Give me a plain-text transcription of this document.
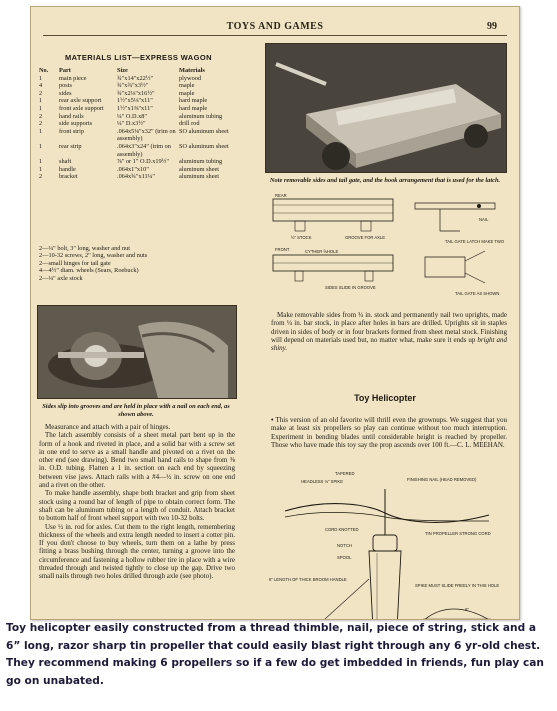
TOYS AND GAMES	99
MATERIALS LIST—EXPRESS WAGON
No.	Part	Size	Materials
1	main piece	¾"x14"x22½"	plywood
4	posts	¾"x¾"x3½"	maple
2	sides	¾"x2⅛"x16½"	maple
1	rear axle support	1½"x5⅛"x11"	hard maple
1	front axle support	1½"x1⅜"x11"	hard maple
2	hand rails	¼" O.D.x8"	aluminum tubing
2	side supports	¼" D.x3½"	drill rod
1	front strip	.064x5⅛"x32" (trim on assembly)	SO aluminum sheet
1	rear strip	.064x3"x24" (trim on assembly)	SO aluminum sheet
1	shaft	⅞" or 1" O.D.x19½"	aluminum tubing
1	handle	.064x1"x10"	aluminum sheet
2	bracket	.064x¾"x11¼"	aluminum sheet
2—¼" bolt, 3" long, washer and nut
2—10-32 screws, 2" long, washer and nuts
2—small hinges for tail gate
4—4½" diam. wheels (Sears, Roebuck)
2—¼" axle stock
Sides slip into grooves and are held in place with a nail on each end, as shown above.

Measurance and attach with a pair of hinges.

The latch assembly consists of a sheet metal part bent up in the form of a hook and riveted in place, and a solid bar with a screw set in one end to serve as a small handle and pivoted on a rivet on the other end (see drawing). Bend two small hand rails to shape from ⅜ in. O.D. tubing. Flatten a 1 in. section on each end by squeezing between vise jaws. Attach rails with a #4—½ in. screw on one end and a rivet on the other.

To make handle assembly, shape both bracket and grip from sheet stock using a round bar of length of pipe to obtain correct form. The shaft can be aluminum tubing or a length of conduit. Attach bracket to bottom half of front wheel support with two 10-32 bolts.

Use ½ in. rod for axles. Cut them to the right length, remembering thickness of the wheels and extra length needed to insert a cotter pin. If you don't choose to buy wheels, turn them on a lathe by press fitting a brass bushing through the center, turning a groove into the circumference and fastening a hollow rubber tire in place with a wire threaded through and twisted tightly to close up the gap. Drive two small nails through two holes drilled through axle (see photo).

Note removable sides and tail gate, and the hook arrangement that is used for the latch.
REAR
½" STOCK	GROOVE FOR AXLE
FRONT	CYTHER ⅝HOLE
SIDES SLIDE IN GROOVE
TAIL GATE LATCH MAKE TWO
NAIL
TAIL GATE AS SHOWN

Make removable sides from ¾ in. stock and permanently nail two uprights, made from ¼ in. bar stock, in place after holes in bars are drilled. Uprights sit in staples driven in sides of body or in four brackets formed from sheet metal stock. Finishing will depend on materials used but, no matter what, make sure it ends up bright and shiny.

Toy Helicopter

• This version of an old favorite will thrill even the grownups. We suggest that you make at least six propellers so play can continue without too much interruption. Experiment in bending blades until considerable height is reached by propeller. Those who have made this toy say the prop ascends over 100 ft.—C. L. MEEHAN.

TAPERED
HEADLESS ⅛" SPIKE	FINISHING NAIL (HEAD REMOVED)
TIN PROPELLER STRONG CORD
CORD KNOTTED
NOTCH
SPOOL
6" LENGTH OF THICK BROOM HANDLE
SPIKE MUST SLIDE FREELY IN THIS HOLE
6"
PROPELLER DIMENSIONS

Toy helicopter easily constructed from a thread thimble, nail, piece of string, stick and a 6” long, razor sharp tin propeller that could easily blast right through any 6 yr-old chest. They recommend making 6 propellers so if a few do get imbedded in friends, fun play can go on unabated.
